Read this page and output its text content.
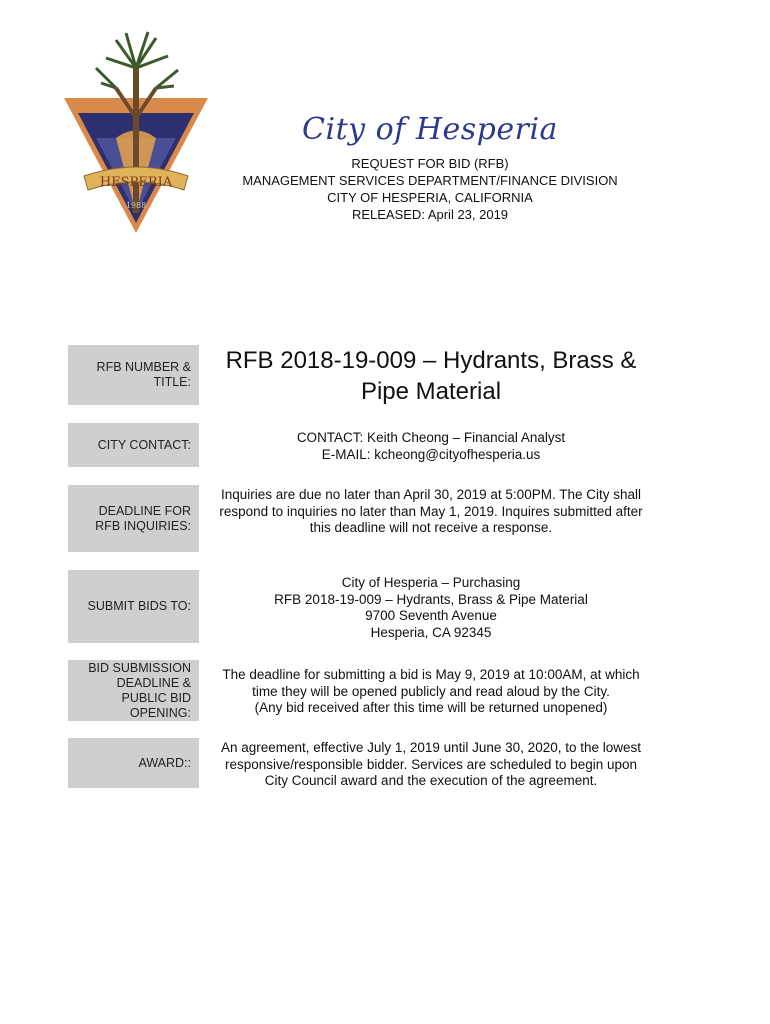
HESPERIA
1988
City of Hesperia
REQUEST FOR BID (RFB)
MANAGEMENT SERVICES DEPARTMENT/FINANCE DIVISION
CITY OF HESPERIA, CALIFORNIA
RELEASED: April 23, 2019
RFB NUMBER &
TITLE:
RFB 2018-19-009 – Hydrants, Brass &
Pipe Material
CITY CONTACT:	CONTACT: Keith Cheong – Financial Analyst
E-MAIL: kcheong@cityofhesperia.us
DEADLINE FOR
RFB INQUIRIES:
Inquiries are due no later than April 30, 2019 at 5:00PM. The City shall
respond to inquiries no later than May 1, 2019. Inquires submitted after
this deadline will not receive a response.
SUBMIT BIDS TO:
City of Hesperia – Purchasing
RFB 2018-19-009 – Hydrants, Brass & Pipe Material
9700 Seventh Avenue
Hesperia, CA 92345
BID SUBMISSION
DEADLINE &
PUBLIC BID
OPENING:
The deadline for submitting a bid is May 9, 2019 at 10:00AM, at which
time they will be opened publicly and read aloud by the City.
(Any bid received after this time will be returned unopened)
AWARD::
An agreement, effective July 1, 2019 until June 30, 2020, to the lowest
responsive/responsible bidder. Services are scheduled to begin upon
City Council award and the execution of the agreement.
